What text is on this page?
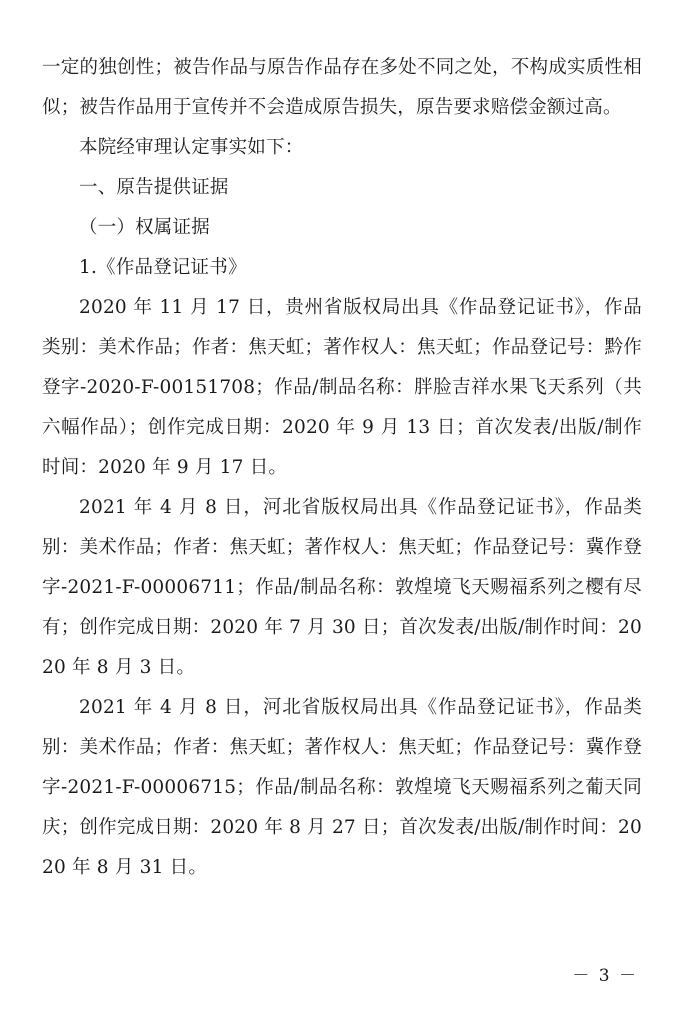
一定的独创性；被告作品与原告作品存在多处不同之处，不构成实质性相似；被告作品用于宣传并不会造成原告损失，原告要求赔偿金额过高。

本院经审理认定事实如下：

一、原告提供证据

（一）权属证据

1.《作品登记证书》

2020 年 11 月 17 日，贵州省版权局出具《作品登记证书》，作品类别：美术作品；作者：焦天虹；著作权人：焦天虹；作品登记号：黔作登字-2020-F-00151708；作品/制品名称：胖脸吉祥水果飞天系列（共六幅作品）；创作完成日期：2020 年 9 月 13 日；首次发表/出版/制作时间：2020 年 9 月 17 日。

2021 年 4 月 8 日，河北省版权局出具《作品登记证书》，作品类别：美术作品；作者：焦天虹；著作权人：焦天虹；作品登记号：冀作登字-2021-F-00006711；作品/制品名称：敦煌境飞天赐福系列之樱有尽有；创作完成日期：2020 年 7 月 30 日；首次发表/出版/制作时间：2020 年 8 月 3 日。

2021 年 4 月 8 日，河北省版权局出具《作品登记证书》，作品类别：美术作品；作者：焦天虹；著作权人：焦天虹；作品登记号：冀作登字-2021-F-00006715；作品/制品名称：敦煌境飞天赐福系列之葡天同庆；创作完成日期：2020 年 8 月 27 日；首次发表/出版/制作时间：2020 年 8 月 31 日。

－ 3 －
